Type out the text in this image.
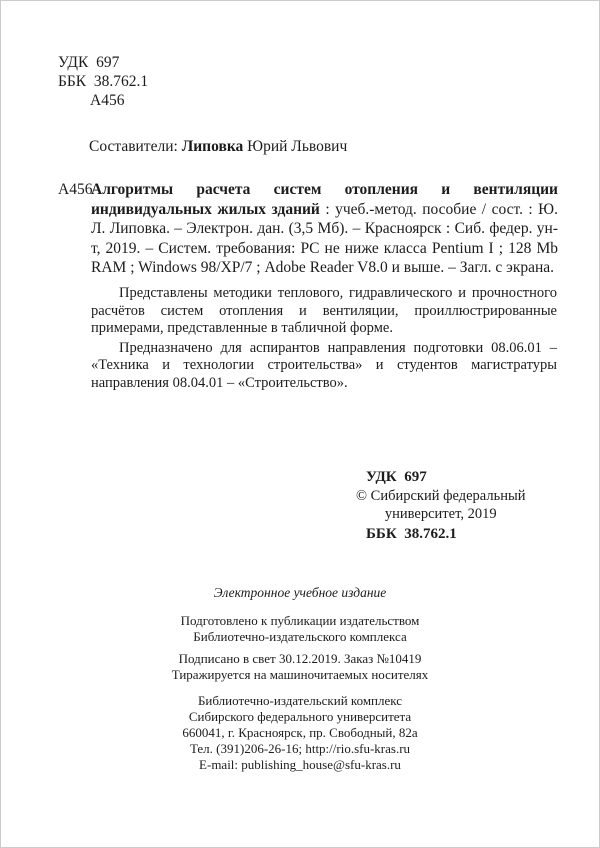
УДК  697
ББК  38.762.1
А456
Составители: Липовка Юрий Львович
А456
Алгоритмы расчета систем отопления и вентиляции индивидуальных жилых зданий : учеб.-метод. пособие / сост. : Ю. Л. Липовка. – Электрон. дан. (3,5 Мб). – Красноярск : Сиб. федер. ун-т, 2019. – Систем. требования: PC не ниже класса Pentium I ; 128 Mb RAM ; Windows 98/ХР/7 ; Adobe Reader V8.0 и выше. – Загл. с экрана.

Представлены методики теплового, гидравлического и прочностного расчётов систем отопления и вентиляции, проиллюстрированные примерами, представленные в табличной форме.

Предназначено для аспирантов направления подготовки 08.06.01 – «Техника и технологии строительства» и студентов магистратуры направления 08.04.01 – «Строительство».

УДК  697

ББК  38.762.1

© Сибирский федеральный
университет, 2019
Электронное учебное издание
Подготовлено к публикации издательством
Библиотечно-издательского комплекса
Подписано в свет 30.12.2019. Заказ №10419
Тиражируется на машиночитаемых носителях
Библиотечно-издательский комплекс
Сибирского федерального университета
660041, г. Красноярск, пр. Свободный, 82а
Тел. (391)206-26-16; http://rio.sfu-kras.ru
E-mail: publishing_house@sfu-kras.ru
